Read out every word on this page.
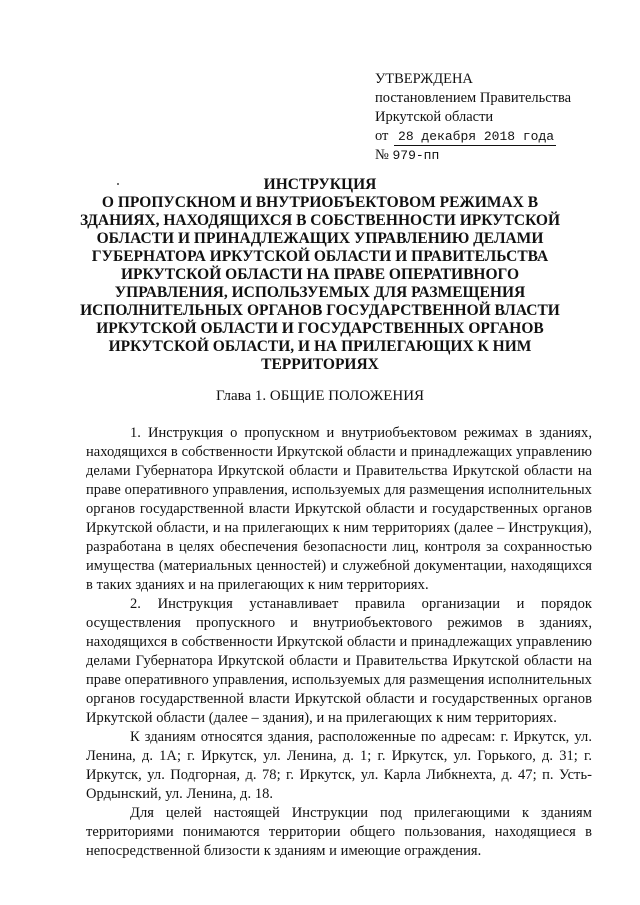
УТВЕРЖДЕНА
постановлением Правительства
Иркутской области
от 28 декабря 2018 года
№ 979-пп
ИНСТРУКЦИЯ
О ПРОПУСКНОМ И ВНУТРИОБЪЕКТОВОМ РЕЖИМАХ В
ЗДАНИЯХ, НАХОДЯЩИХСЯ В СОБСТВЕННОСТИ ИРКУТСКОЙ
ОБЛАСТИ И ПРИНАДЛЕЖАЩИХ УПРАВЛЕНИЮ ДЕЛАМИ
ГУБЕРНАТОРА ИРКУТСКОЙ ОБЛАСТИ И ПРАВИТЕЛЬСТВА
ИРКУТСКОЙ ОБЛАСТИ НА ПРАВЕ ОПЕРАТИВНОГО
УПРАВЛЕНИЯ, ИСПОЛЬЗУЕМЫХ ДЛЯ РАЗМЕЩЕНИЯ
ИСПОЛНИТЕЛЬНЫХ ОРГАНОВ ГОСУДАРСТВЕННОЙ ВЛАСТИ
ИРКУТСКОЙ ОБЛАСТИ И ГОСУДАРСТВЕННЫХ ОРГАНОВ
ИРКУТСКОЙ ОБЛАСТИ, И НА ПРИЛЕГАЮЩИХ К НИМ
ТЕРРИТОРИЯХ
Глава 1. ОБЩИЕ ПОЛОЖЕНИЯ

1. Инструкция о пропускном и внутриобъектовом режимах в зданиях, находящихся в собственности Иркутской области и принадлежащих управлению делами Губернатора Иркутской области и Правительства Иркутской области на праве оперативного управления, используемых для размещения исполнительных органов государственной власти Иркутской области и государственных органов Иркутской области, и на прилегающих к ним территориях (далее – Инструкция), разработана в целях обеспечения безопасности лиц, контроля за сохранностью имущества (материальных ценностей) и служебной документации, находящихся в таких зданиях и на прилегающих к ним территориях.

2. Инструкция устанавливает правила организации и порядок осуществления пропускного и внутриобъектового режимов в зданиях, находящихся в собственности Иркутской области и принадлежащих управлению делами Губернатора Иркутской области и Правительства Иркутской области на праве оперативного управления, используемых для размещения исполнительных органов государственной власти Иркутской области и государственных органов Иркутской области (далее – здания), и на прилегающих к ним территориях.

К зданиям относятся здания, расположенные по адресам: г. Иркутск, ул. Ленина, д. 1А; г. Иркутск, ул. Ленина, д. 1; г. Иркутск, ул. Горького, д. 31; г. Иркутск, ул. Подгорная, д. 78; г. Иркутск, ул. Карла Либкнехта, д. 47; п. Усть-Ордынский, ул. Ленина, д. 18.

Для целей настоящей Инструкции под прилегающими к зданиям территориями понимаются территории общего пользования, находящиеся в непосредственной близости к зданиям и имеющие ограждения.
